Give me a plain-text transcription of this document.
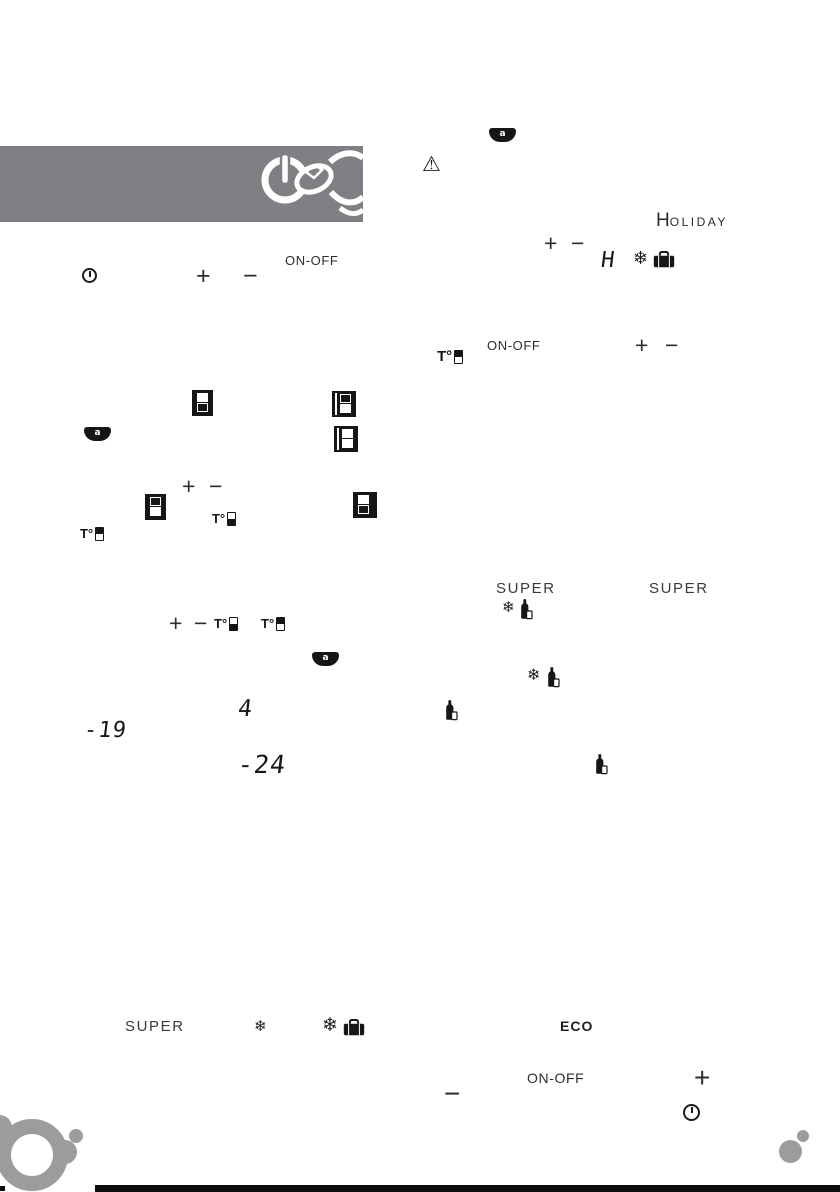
+ −
ON-OFF
a
+ −
T°
T°
+ − T°	T°
a
4
-19
-24
SUPER	❄	❄
a
⚠
HOLIDAY
+ −
H ❄
T°
ON-OFF	+ −
SUPER	SUPER
❄
❄
ECO
ON-OFF	+
−
